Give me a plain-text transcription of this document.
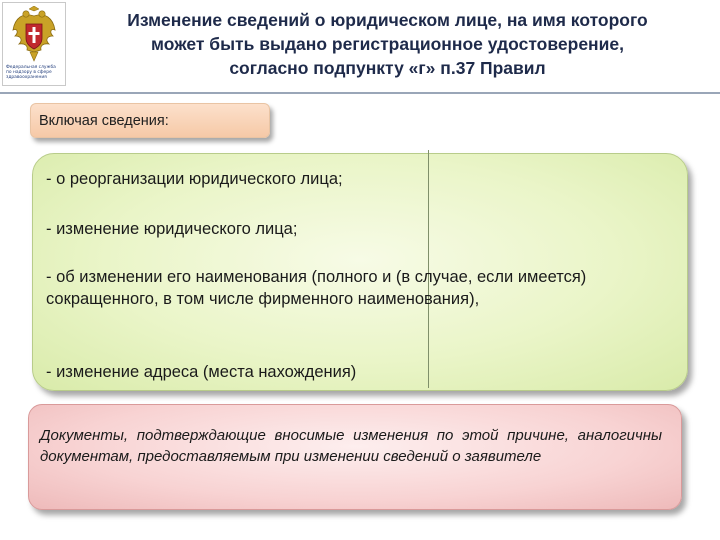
Федеральная служба
по надзору в сфере
здравоохранения
Изменение сведений о юридическом лице, на имя которого
может быть выдано регистрационное удостоверение,
согласно подпункту «г» п.37 Правил
Включая сведения:

- о реорганизации юридического лица;

- изменение юридического лица;

- об изменении его наименования (полного и (в случае, если имеется) сокращенного, в том числе фирменного наименования),

- изменение адреса (места нахождения)

Документы, подтверждающие вносимые изменения по этой причине, аналогичны документам, предоставляемым при изменении сведений о заявителе
